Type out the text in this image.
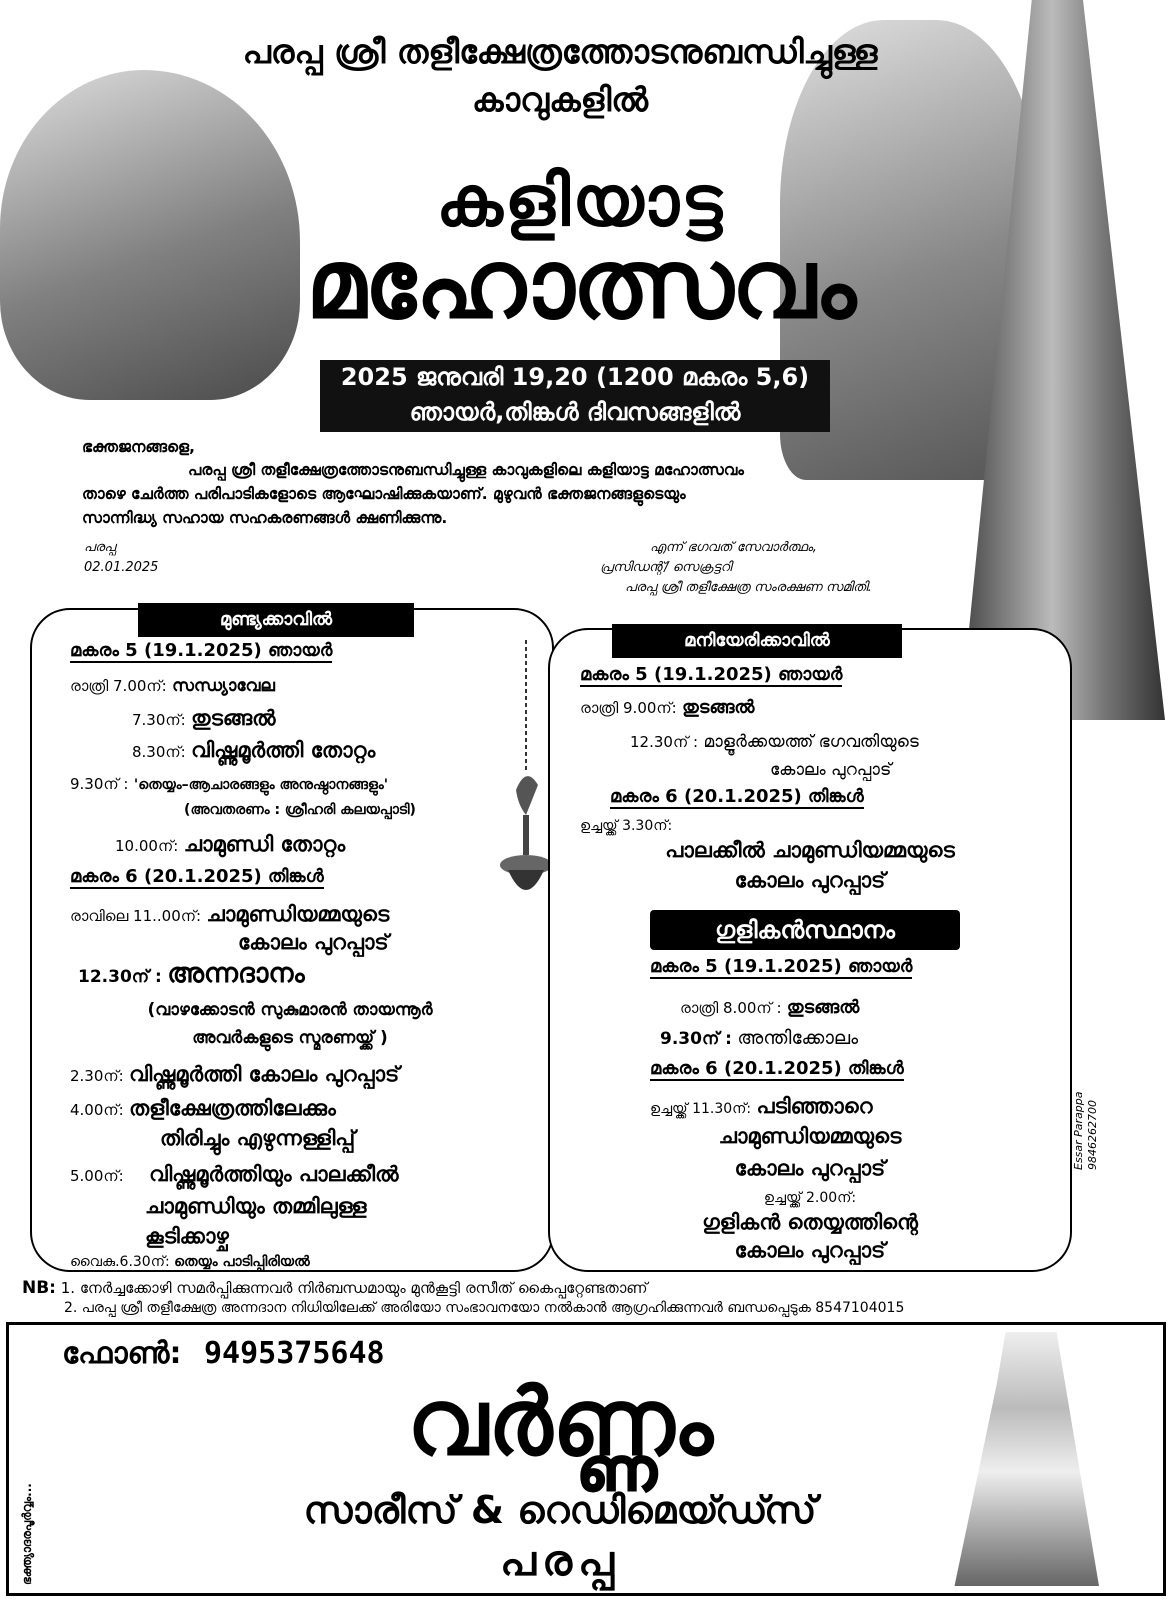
പരപ്പ ശ്രീ തളീക്ഷേത്രത്തോടനുബന്ധിച്ചുള്ള
കാവുകളിൽ
കളിയാട്ട
മഹോത്സവം
2025 ജനുവരി 19,20 (1200 മകരം 5,6)
ഞായർ,തിങ്കൾ ദിവസങ്ങളിൽ
ഭക്തജനങ്ങളെ,
പരപ്പ ശ്രീ തളീക്ഷേത്രത്തോടനുബന്ധിച്ചുള്ള കാവുകളിലെ കളിയാട്ട മഹോത്സവം
താഴെ ചേർത്ത പരിപാടികളോടെ ആഘോഷിക്കുകയാണ്. മുഴുവൻ ഭക്തജനങ്ങളുടെയും
സാന്നിദ്ധ്യ സഹായ സഹകരണങ്ങൾ ക്ഷണിക്കുന്നു.
പരപ്പ
02.01.2025
എന്ന് ഭഗവത് സേവാർത്ഥം,
പ്രസിഡന്റ്/ സെക്രട്ടറി
പരപ്പ ശ്രീ തളീക്ഷേത്ര സംരക്ഷണ സമിതി.
മുണ്ട്യക്കാവിൽ
മകരം 5 (19.1.2025) ഞായർ
രാത്രി 7.00ന്: സന്ധ്യാവേല
7.30ന്: തുടങ്ങൽ
8.30ന്: വിഷ്ണുമൂർത്തി തോറ്റം
9.30ന് : 'തെയ്യം–ആചാരങ്ങളും അനുഷ്ഠാനങ്ങളും'
(അവതരണം : ശ്രീഹരി കലയപ്പാടി)
10.00ന്: ചാമുണ്ഡി തോറ്റം
മകരം 6 (20.1.2025) തിങ്കൾ
രാവിലെ 11..00ന്: ചാമുണ്ഡിയമ്മയുടെ
കോലം പുറപ്പാട്
12.30ന് : അന്നദാനം
(വാഴക്കോടൻ സുകുമാരൻ തായന്നൂർ
അവർകളുടെ സ്മരണയ്ക്ക് )
2.30ന്: വിഷ്ണുമൂർത്തി കോലം പുറപ്പാട്
4.00ന്: തളീക്ഷേത്രത്തിലേക്കും
തിരിച്ചും എഴുന്നള്ളിപ്പ്
5.00ന്: വിഷ്ണുമൂർത്തിയും പാലക്കീൽ
ചാമുണ്ഡിയും തമ്മിലുള്ള
കൂടിക്കാഴ്ച
വൈകു.6.30ന്: തെയ്യം പാടിപ്പിരിയൽ
മനിയേരിക്കാവിൽ
മകരം 5 (19.1.2025) ഞായർ
രാത്രി 9.00ന്: തുടങ്ങൽ
12.30ന് : മാളൂർക്കയത്ത് ഭഗവതിയുടെ
കോലം പുറപ്പാട്
മകരം 6 (20.1.2025) തിങ്കൾ
ഉച്ചയ്ക്ക് 3.30ന്:
പാലക്കീൽ ചാമുണ്ഡിയമ്മയുടെ
കോലം പുറപ്പാട്
ഗുളികൻസ്ഥാനം
മകരം 5 (19.1.2025) ഞായർ
രാത്രി 8.00ന് : തുടങ്ങൽ
9.30ന് : അന്തിക്കോലം
മകരം 6 (20.1.2025) തിങ്കൾ
ഉച്ചയ്ക്ക് 11.30ന്: പടിഞ്ഞാറെ
ചാമുണ്ഡിയമ്മയുടെ
കോലം പുറപ്പാട്
ഉച്ചയ്ക്ക് 2.00ന്:
ഗുളികൻ തെയ്യത്തിന്റെ
കോലം പുറപ്പാട്
Essar Parappa 9846262700
NB: 1. നേർച്ചക്കോഴി സമർപ്പിക്കുന്നവർ നിർബന്ധമായും മുൻകൂട്ടി രസീത് കൈപ്പറ്റേണ്ടതാണ്
2. പരപ്പ ശ്രീ തളീക്ഷേത്ര അന്നദാന നിധിയിലേക്ക് അരിയോ സംഭാവനയോ നൽകാൻ ആഗ്രഹിക്കുന്നവർ ബന്ധപ്പെടുക 8547104015
ഭക്ത്യാദരപൂർവ്വം...
ഫോൺ: 9495375648
വർണ്ണം
സാരീസ് & റെഡിമെയ്ഡ്സ്
പരപ്പ
